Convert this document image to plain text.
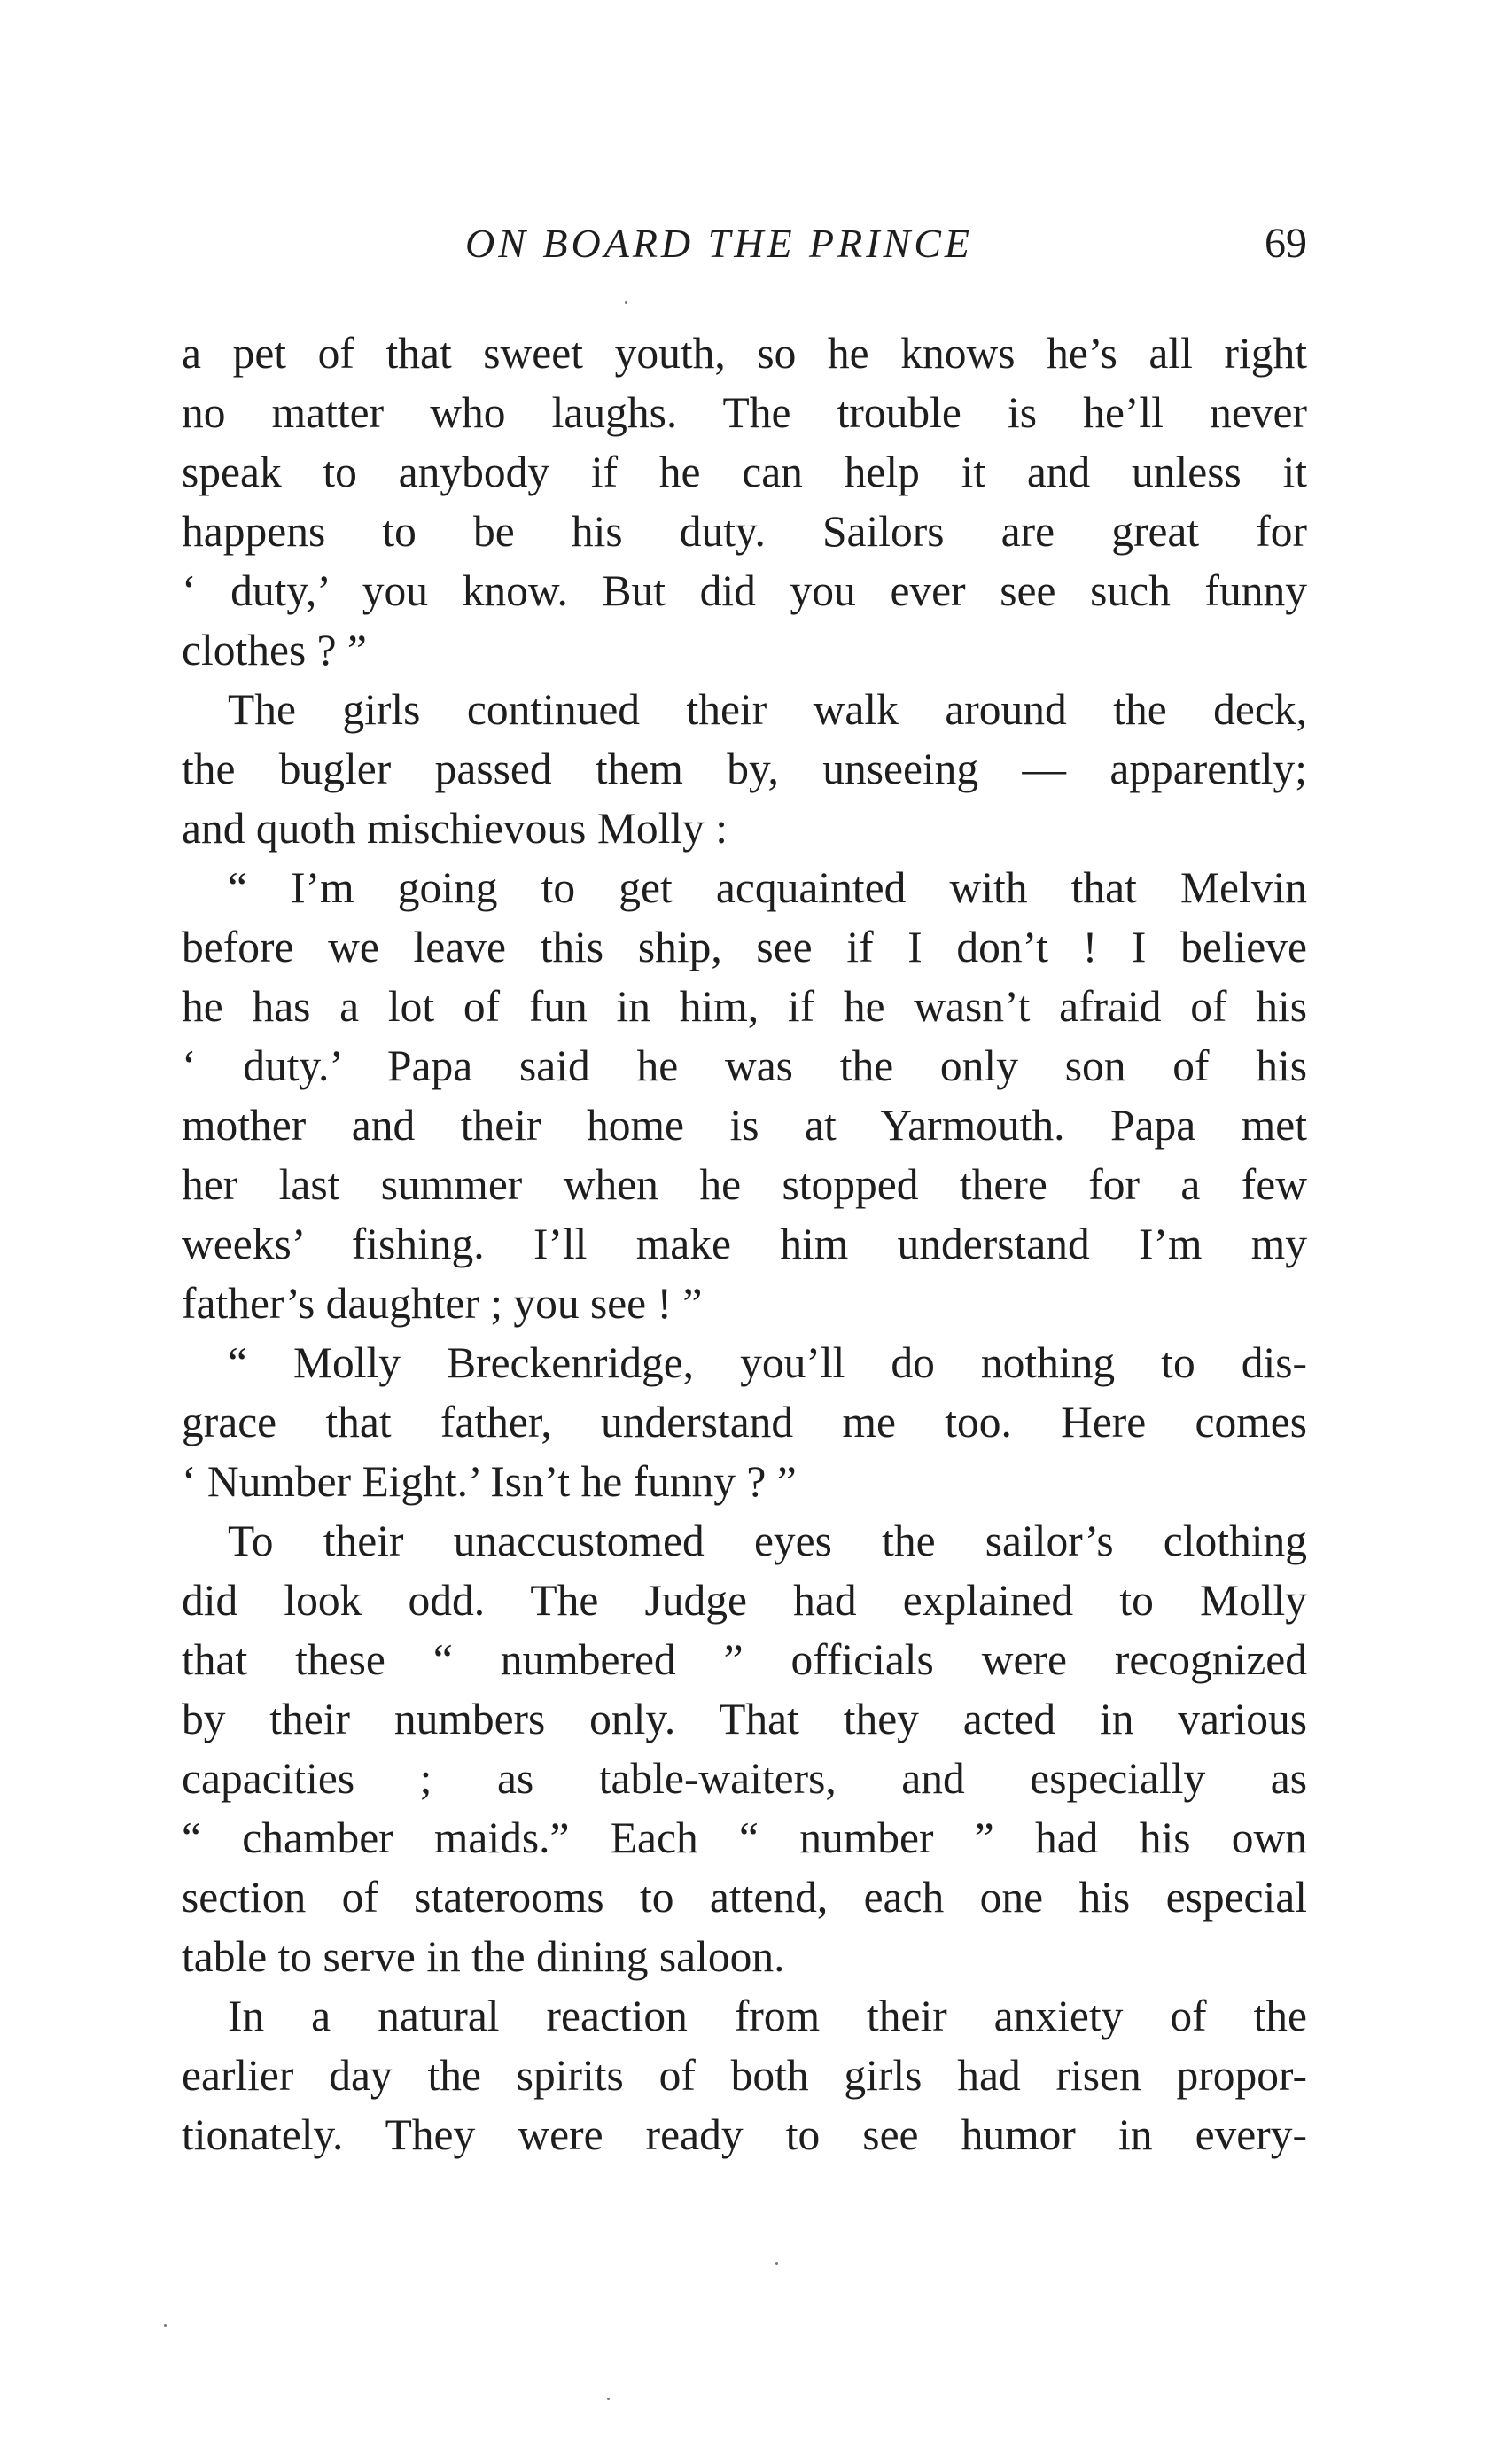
ON BOARD THE PRINCE	69
a pet of that sweet youth, so he knows he’s all right
no matter who laughs. The trouble is he’ll never
speak to anybody if he can help it and unless it
happens to be his duty. Sailors are great for
‘ duty,’ you know. But did you ever see such funny
clothes ? ”
The girls continued their walk around the deck,
the bugler passed them by, unseeing — apparently;
and quoth mischievous Molly :
“ I’m going to get acquainted with that Melvin
before we leave this ship, see if I don’t ! I believe
he has a lot of fun in him, if he wasn’t afraid of his
‘ duty.’ Papa said he was the only son of his
mother and their home is at Yarmouth. Papa met
her last summer when he stopped there for a few
weeks’ fishing. I’ll make him understand I’m my
father’s daughter ; you see ! ”
“ Molly Breckenridge, you’ll do nothing to dis-
grace that father, understand me too. Here comes
‘ Number Eight.’ Isn’t he funny ? ”
To their unaccustomed eyes the sailor’s clothing
did look odd. The Judge had explained to Molly
that these “ numbered ” officials were recognized
by their numbers only. That they acted in various
capacities ; as table-waiters, and especially as
“ chamber maids.” Each “ number ” had his own
section of staterooms to attend, each one his especial
table to serve in the dining saloon.
In a natural reaction from their anxiety of the
earlier day the spirits of both girls had risen propor-
tionately. They were ready to see humor in every-
